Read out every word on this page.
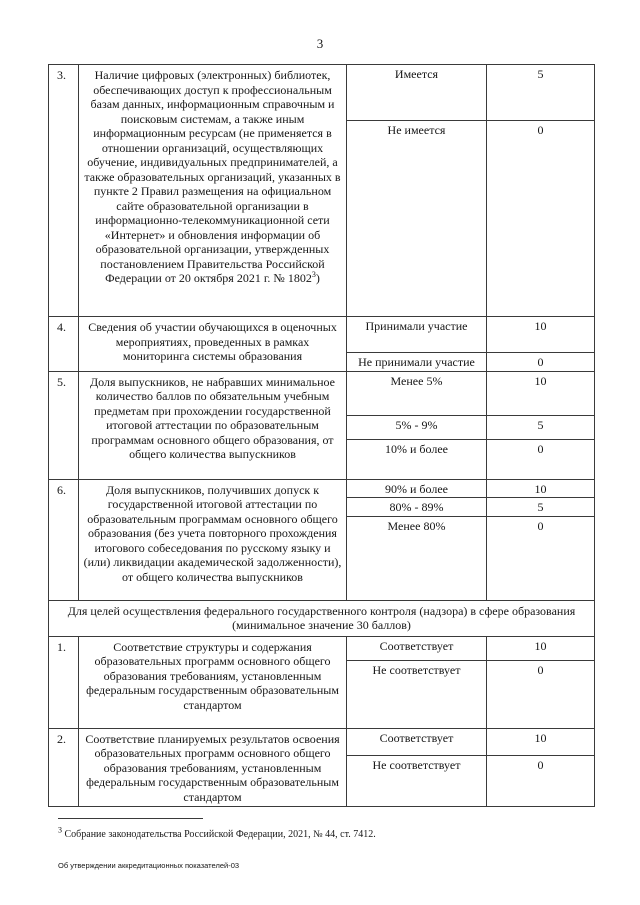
3
3.	Наличие цифровых (электронных) библиотек, обеспечивающих доступ к профессиональным базам данных, информационным справочным и поисковым системам, а также иным информационным ресурсам (не применяется в отношении организаций, осуществляющих обучение, индивидуальных предпринимателей, а также образовательных организаций, указанных в пункте 2 Правил размещения на официальном сайте образовательной организации в информационно-телекоммуникационной сети «Интернет» и обновления информации об образовательной организации, утвержденных постановлением Правительства Российской Федерации от 20 октября 2021 г. № 1802$^3$)	Имеется	5
		Не имеется	0
4.	Сведения об участии обучающихся в оценочных мероприятиях, проведенных в рамках мониторинга системы образования	Принимали участие	10
		Не принимали участие	0
5.	Доля выпускников, не набравших минимальное количество баллов по обязательным учебным предметам при прохождении государственной итоговой аттестации по образовательным программам основного общего образования, от общего количества выпускников	Менее 5%	10
		5% - 9%	5
		10% и более	0
6.	Доля выпускников, получивших допуск к государственной итоговой аттестации по образовательным программам основного общего образования (без учета повторного прохождения итогового собеседования по русскому языку и (или) ликвидации академической задолженности), от общего количества выпускников	90% и более	10
		80% - 89%	5
		Менее 80%	0
Для целей осуществления федерального государственного контроля (надзора) в сфере образования (минимальное значение 30 баллов)			
1.	Соответствие структуры и содержания образовательных программ основного общего образования требованиям, установленным федеральным государственным образовательным стандартом	Соответствует	10
		Не соответствует	0
2.	Соответствие планируемых результатов освоения образовательных программ основного общего образования требованиям, установленным федеральным государственным образовательным стандартом	Соответствует	10
		Не соответствует	0
$^3$ Собрание законодательства Российской Федерации, 2021, № 44, ст. 7412.
Об утверждении аккредитационных показателей-03
